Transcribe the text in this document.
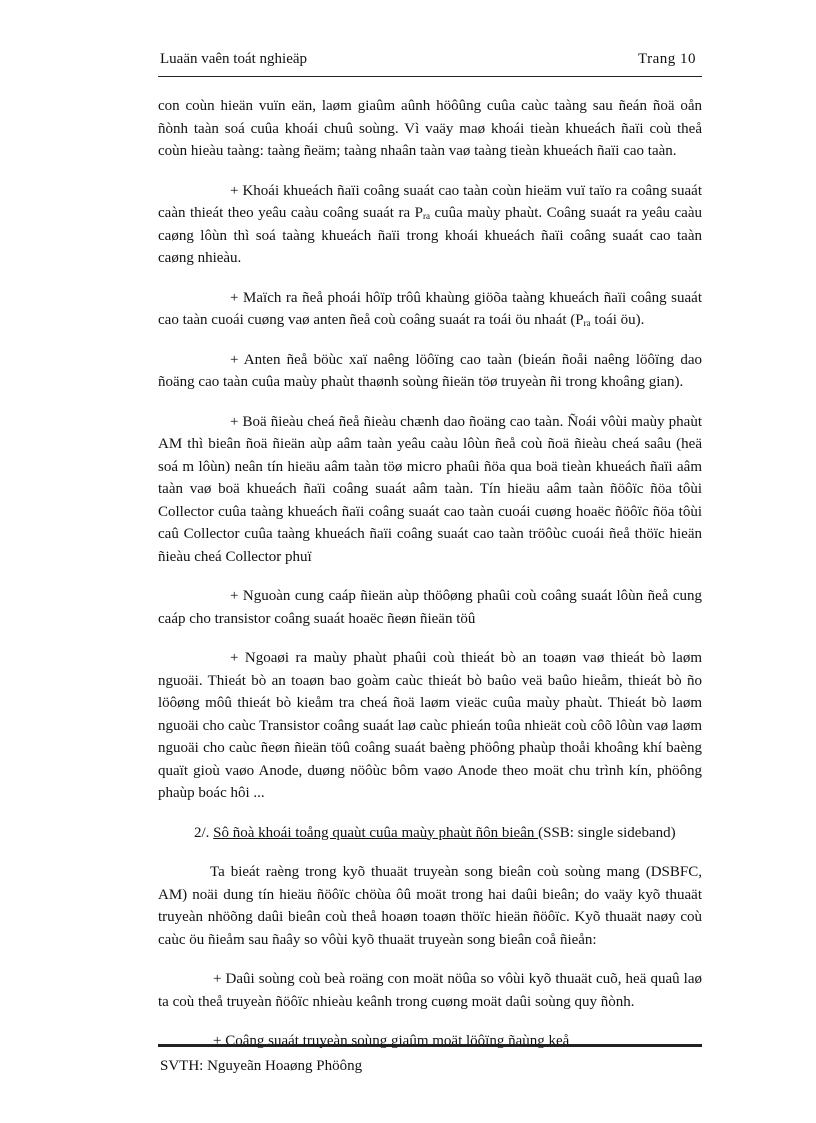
Luaän vaên toát nghieäp	Trang 10

con coùn hieän vuïn eän, laøm giaûm aûnh höôûng cuûa caùc taàng sau ñeán ñoä oån ñònh taàn soá cuûa khoái chuû soùng. Vì vaäy maø khoái tieàn khueách ñaïi coù theå coùn hieàu taàng: taàng ñeäm; taàng nhaân taàn vaø taàng tieàn khueách ñaïi cao taàn.

+ Khoái khueách ñaïi coâng suaát cao taàn coùn hieäm vuï taïo ra coâng suaát caàn thieát theo yeâu caàu coâng suaát ra $P_{ra}$ cuûa maùy phaùt. Coâng suaát ra yeâu caàu caøng lôùn thì soá taàng khueách ñaïi trong khoái khueách ñaïi coâng suaát cao taàn caøng nhieàu.

+ Maïch ra ñeå phoái hôïp trôû khaùng giöõa taàng khueách ñaïi coâng suaát cao taàn cuoái cuøng vaø anten ñeå coù coâng suaát ra toái öu nhaát ($P_{ra}$ toái öu).

+ Anten ñeå böùc xaï naêng löôïng cao taàn (bieán ñoåi naêng löôïng dao ñoäng cao taàn cuûa maùy phaùt thaønh soùng ñieän töø truyeàn ñi trong khoâng gian).

+ Boä ñieàu cheá ñeå ñieàu chænh dao ñoäng cao taàn. Ñoái vôùi maùy phaùt AM thì bieân ñoä ñieän aùp aâm taàn yeâu caàu lôùn ñeå coù ñoä ñieàu cheá saâu (heä soá m lôùn) neân tín hieäu aâm taàn töø micro phaûi ñöa qua boä tieàn khueách ñaïi aâm taàn vaø boä khueách ñaïi coâng suaát aâm taàn. Tín hieäu aâm taàn ñöôïc ñöa tôùi Collector cuûa taàng khueách ñaïi coâng suaát cao taàn cuoái cuøng hoaëc ñöôïc ñöa tôùi caû Collector cuûa taàng khueách ñaïi coâng suaát cao taàn tröôùc cuoái ñeå thöïc hieän ñieàu cheá Collector phuï

+ Nguoàn cung caáp ñieän aùp thöôøng phaûi coù coâng suaát lôùn ñeå cung caáp cho transistor coâng suaát hoaëc ñeøn ñieän töû

+ Ngoaøi ra maùy phaùt phaûi coù thieát bò an toaøn vaø thieát bò laøm nguoäi. Thieát bò an toaøn bao goàm caùc thieát bò baûo veä baûo hieåm, thieát bò ño löôøng môû thieát bò kieåm tra cheá ñoä laøm vieäc cuûa maùy phaùt. Thieát bò laøm nguoäi cho caùc Transistor coâng suaát laø caùc phieán toûa nhieät coù côõ lôùn vaø laøm nguoäi cho caùc ñeøn ñieän töû coâng suaát baèng phöông phaùp thoåi khoâng khí baèng quaït gioù vaøo Anode, duøng nöôùc bôm vaøo Anode theo moät chu trình kín, phöông phaùp boác hôi ...

2/. Sô ñoà khoái toång quaùt cuûa maùy phaùt ñôn bieân (SSB: single sideband)

Ta bieát raèng trong kyõ thuaät truyeàn song bieân coù soùng mang (DSBFC, AM) noäi dung tín hieäu ñöôïc chöùa ôû moät trong hai daûi bieân; do vaäy kyõ thuaät truyeàn nhöõng daûi bieân coù theå hoaøn toaøn thöïc hieän ñöôïc. Kyõ thuaät naøy coù caùc öu ñieåm sau ñaây so vôùi kyõ thuaät truyeàn song bieân coå ñieån:

+ Daûi soùng coù beà roäng con moät nöûa so vôùi kyõ thuaät cuõ, heä quaû laø ta coù theå truyeàn ñöôïc nhieàu keânh trong cuøng moät daûi soùng quy ñònh.

+ Coâng suaát truyeàn soùng giaûm moät löôïng ñaùng keå

SVTH: Nguyeãn Hoaøng Phöông
